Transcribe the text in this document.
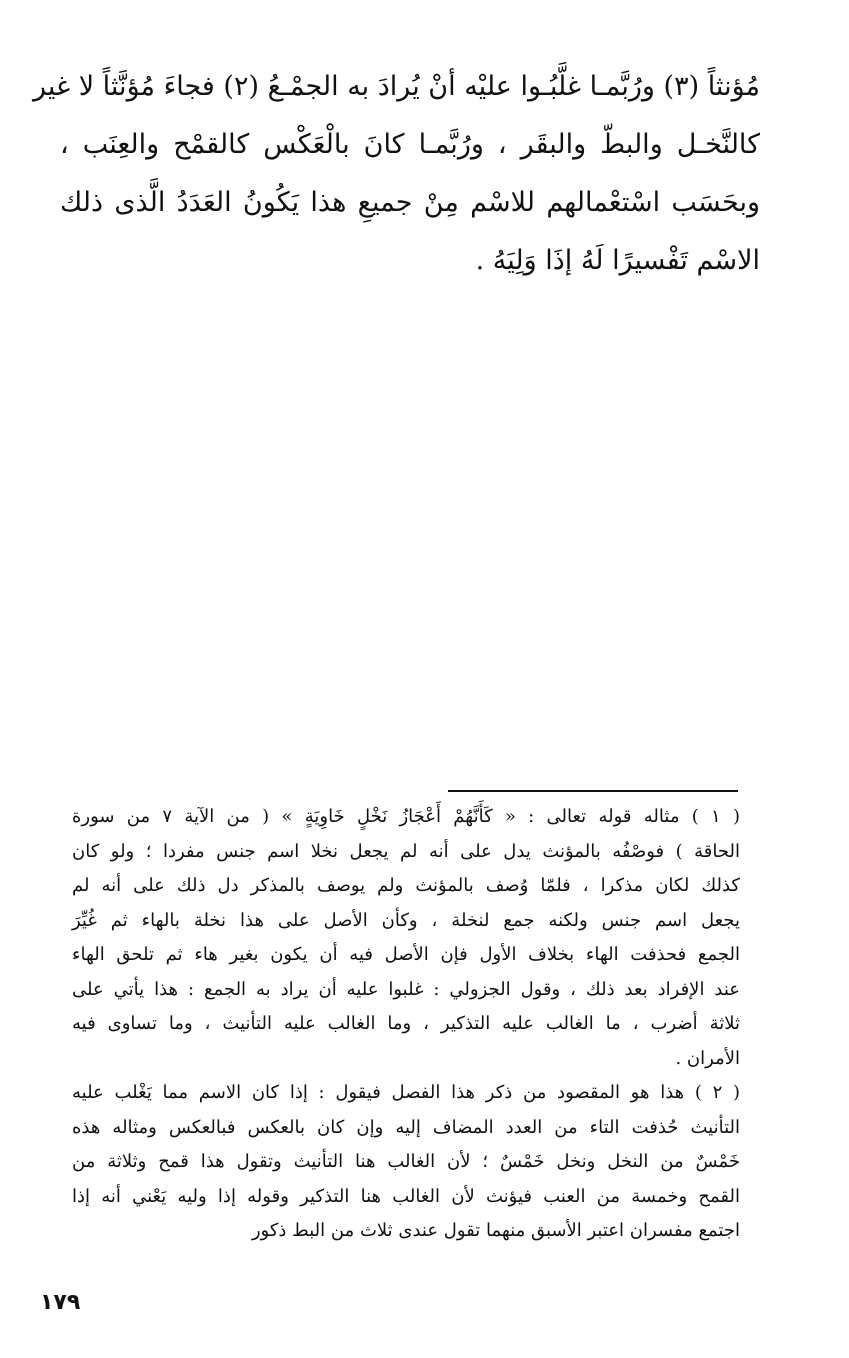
مُؤنثاً (٣) ورُبَّمـا غلَّبُـوا عليْه أنْ يُرادَ به الجمْـعُ (٢) فجاءَ مُؤنَّثاً لا غير
كالنَّخـل والبطّ والبقَر ، ورُبَّمـا كانَ بالْعَكْس كالقمْح والعِنَب ،
وبحَسَب اسْتعْمالهم للاسْم مِنْ جميعِ هذا يَكُونُ العَدَدُ الَّذى ذلك
الاسْم تَفْسيرًا لَهُ إذَا وَلِيَهُ .
( ١ ) مثاله قوله تعالى : « كَأَنَّهُمْ أَعْجَازُ نَخْلٍ خَاوِيَةٍ » ( من الآية ٧ من سورة
الحاقة ) فوصْفُه بالمؤنث يدل على أنه لم يجعل نخلا اسم جنس مفردا ؛ ولو كان
كذلك لكان مذكرا ، فلمّا وُصف بالمؤنث ولم يوصف بالمذكر دل ذلك على أنه لم
يجعل اسم جنس ولكنه جمع لنخلة ، وكأن الأصل على هذا نخلة بالهاء ثم غُيِّرَ
الجمع فحذفت الهاء بخلاف الأول فإن الأصل فيه أن يكون بغير هاء ثم تلحق الهاء
عند الإفراد بعد ذلك ، وقول الجزولي : غلبوا عليه أن يراد به الجمع : هذا يأتي على
ثلاثة أضرب ، ما الغالب عليه التذكير ، وما الغالب عليه التأنيث ، وما تساوى فيه
الأمران .
( ٢ ) هذا هو المقصود من ذكر هذا الفصل فيقول : إذا كان الاسم مما يَغْلب عليه
التأنيث حُذفت التاء من العدد المضاف إليه وإن كان بالعكس فبالعكس ومثاله هذه
خَمْسٌ من النخل ونخل خَمْسٌ ؛ لأن الغالب هنا التأنيث وتقول هذا قمح وثلاثة من
القمح وخمسة من العنب فيؤنث لأن الغالب هنا التذكير وقوله إذا وليه يَعْني أنه إذا
اجتمع مفسران اعتبر الأسبق منهما تقول عندى ثلاث من البط ذكور
١٧٩
